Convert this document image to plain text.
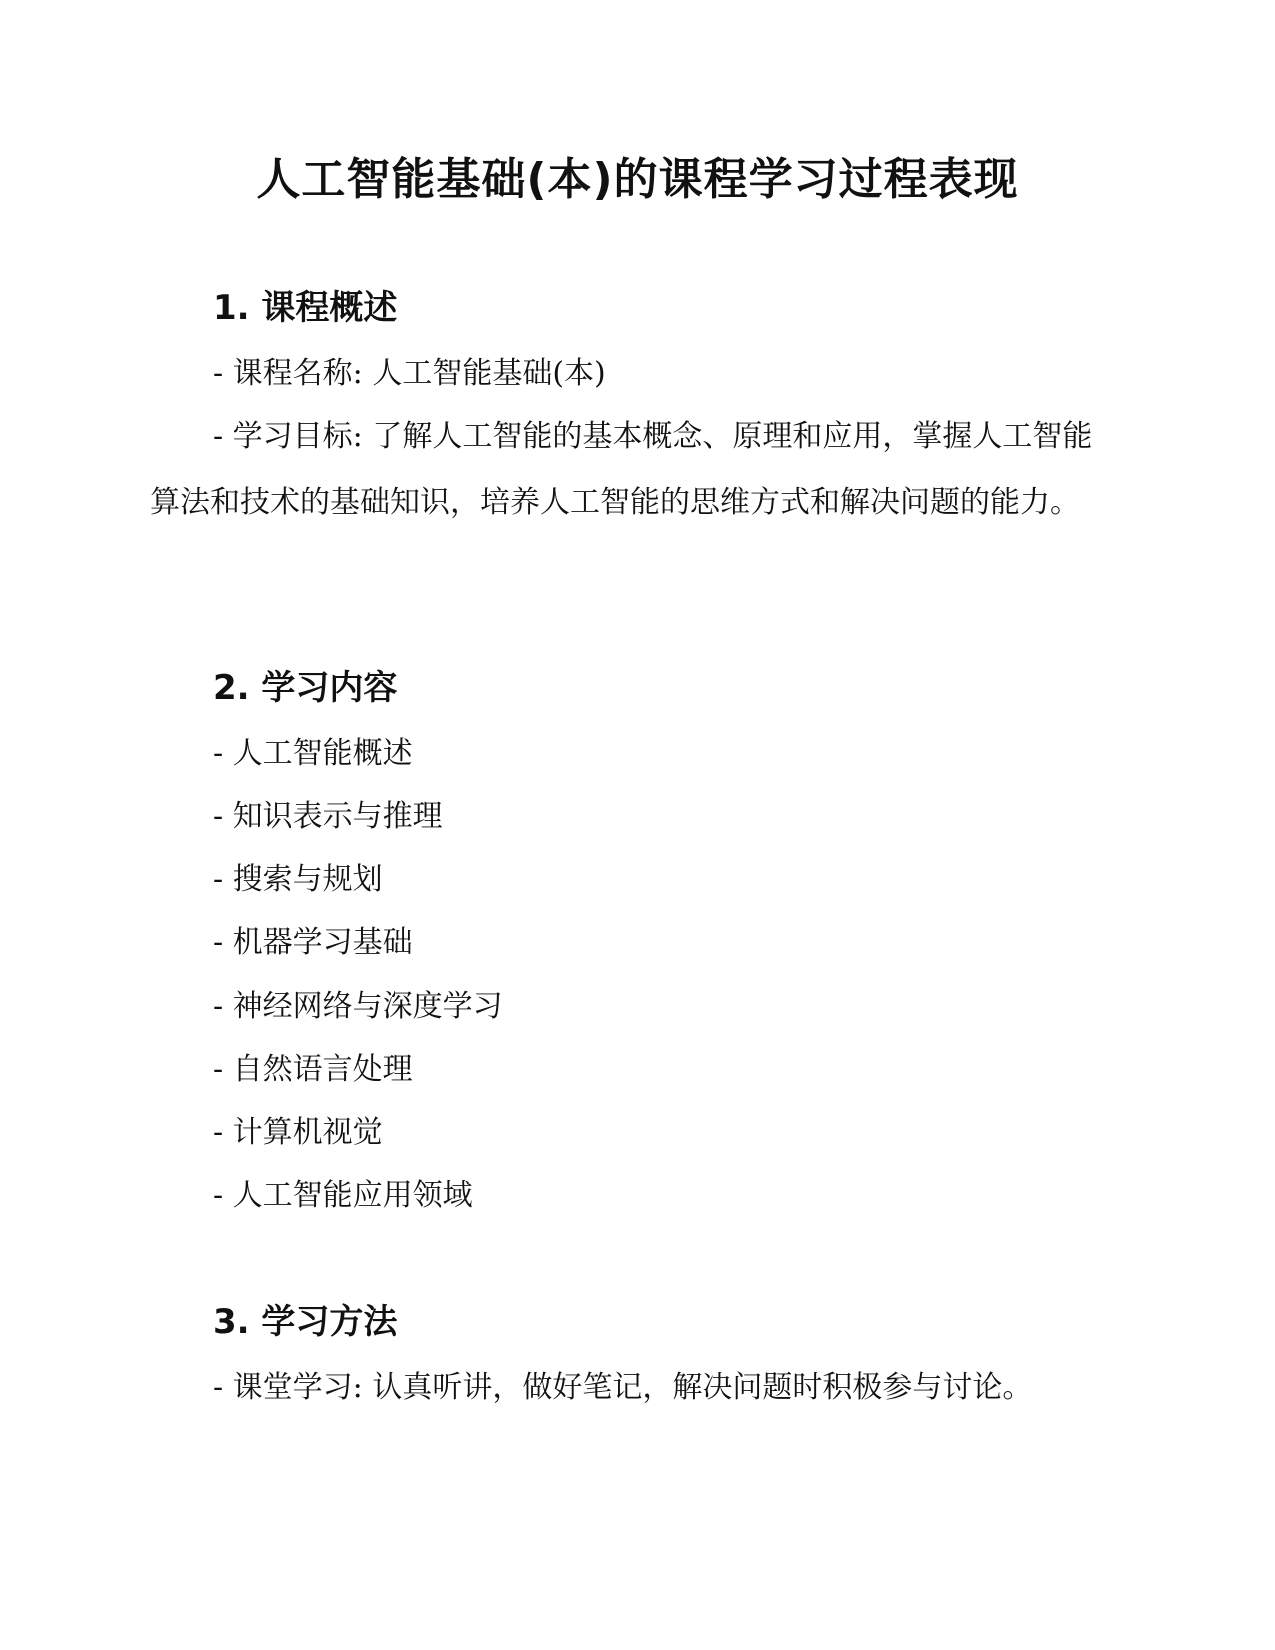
人工智能基础(本)的课程学习过程表现
1. 课程概述

- 课程名称: 人工智能基础(本)

- 学习目标: 了解人工智能的基本概念、原理和应用，掌握人工智能算法和技术的基础知识，培养人工智能的思维方式和解决问题的能力。

2. 学习内容

- 人工智能概述

- 知识表示与推理

- 搜索与规划

- 机器学习基础

- 神经网络与深度学习

- 自然语言处理

- 计算机视觉

- 人工智能应用领域

3. 学习方法

- 课堂学习: 认真听讲，做好笔记，解决问题时积极参与讨论。
